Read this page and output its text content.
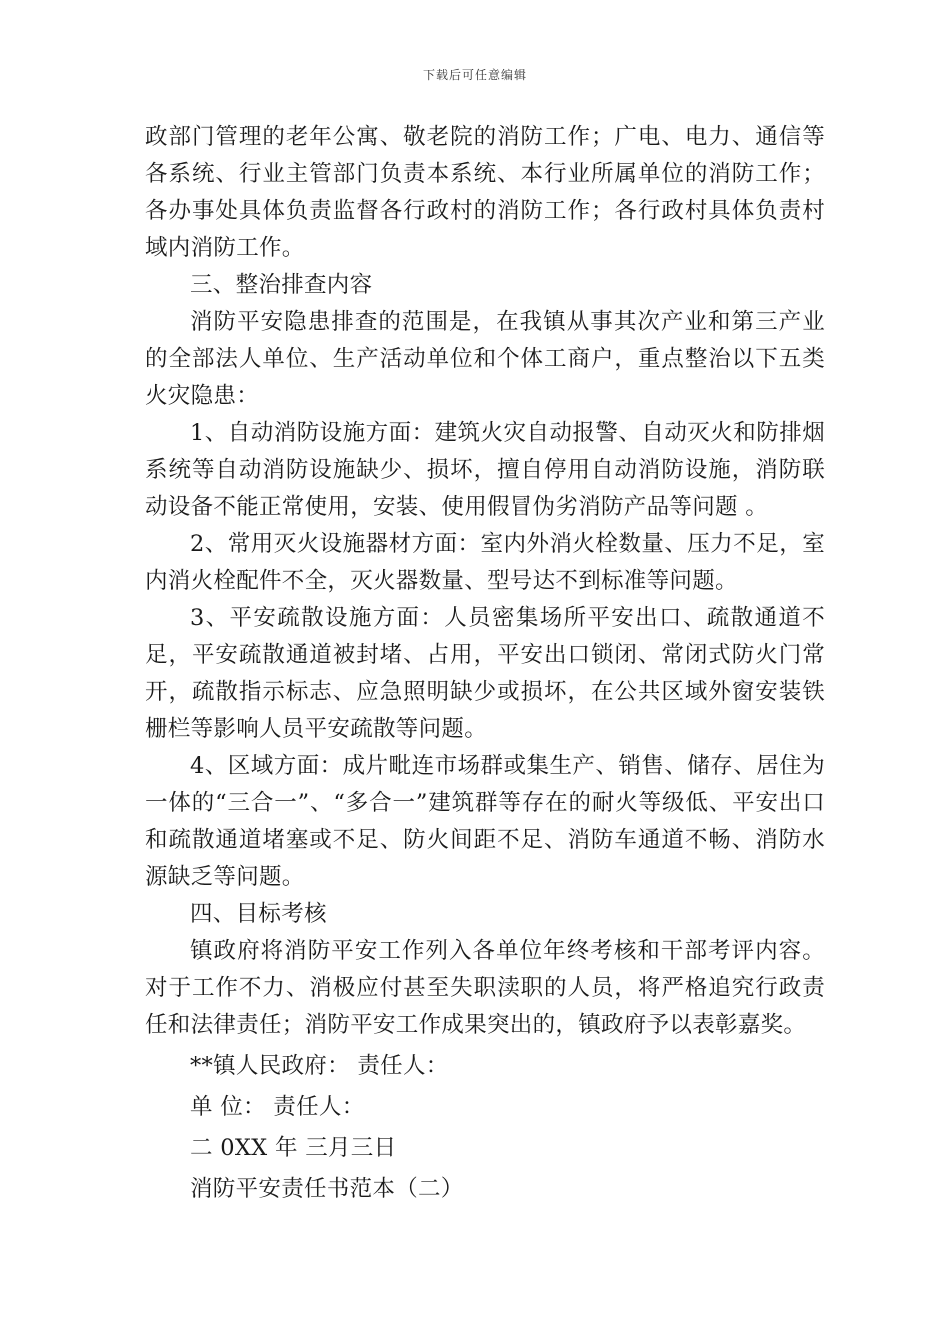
下载后可任意编辑

政部门管理的老年公寓、敬老院的消防工作；广电、电力、通信等各系统、行业主管部门负责本系统、本行业所属单位的消防工作；各办事处具体负责监督各行政村的消防工作；各行政村具体负责村域内消防工作。

三、整治排查内容

消防平安隐患排查的范围是，在我镇从事其次产业和第三产业的全部法人单位、生产活动单位和个体工商户，重点整治以下五类火灾隐患：

1、自动消防设施方面：建筑火灾自动报警、自动灭火和防排烟系统等自动消防设施缺少、损坏，擅自停用自动消防设施，消防联动设备不能正常使用，安装、使用假冒伪劣消防产品等问题 。

2、常用灭火设施器材方面：室内外消火栓数量、压力不足，室内消火栓配件不全，灭火器数量、型号达不到标准等问题。

3、平安疏散设施方面：人员密集场所平安出口、疏散通道不足，平安疏散通道被封堵、占用，平安出口锁闭、常闭式防火门常开，疏散指示标志、应急照明缺少或损坏，在公共区域外窗安装铁栅栏等影响人员平安疏散等问题。

4、区域方面：成片毗连市场群或集生产、销售、储存、居住为一体的“三合一”、“多合一”建筑群等存在的耐火等级低、平安出口和疏散通道堵塞或不足、防火间距不足、消防车通道不畅、消防水源缺乏等问题。

四、目标考核

镇政府将消防平安工作列入各单位年终考核和干部考评内容。对于工作不力、消极应付甚至失职渎职的人员，将严格追究行政责任和法律责任；消防平安工作成果突出的，镇政府予以表彰嘉奖。

**镇人民政府： 责任人：

单 位： 责任人：

二 0XX 年 三月三日

消防平安责任书范本（二）
